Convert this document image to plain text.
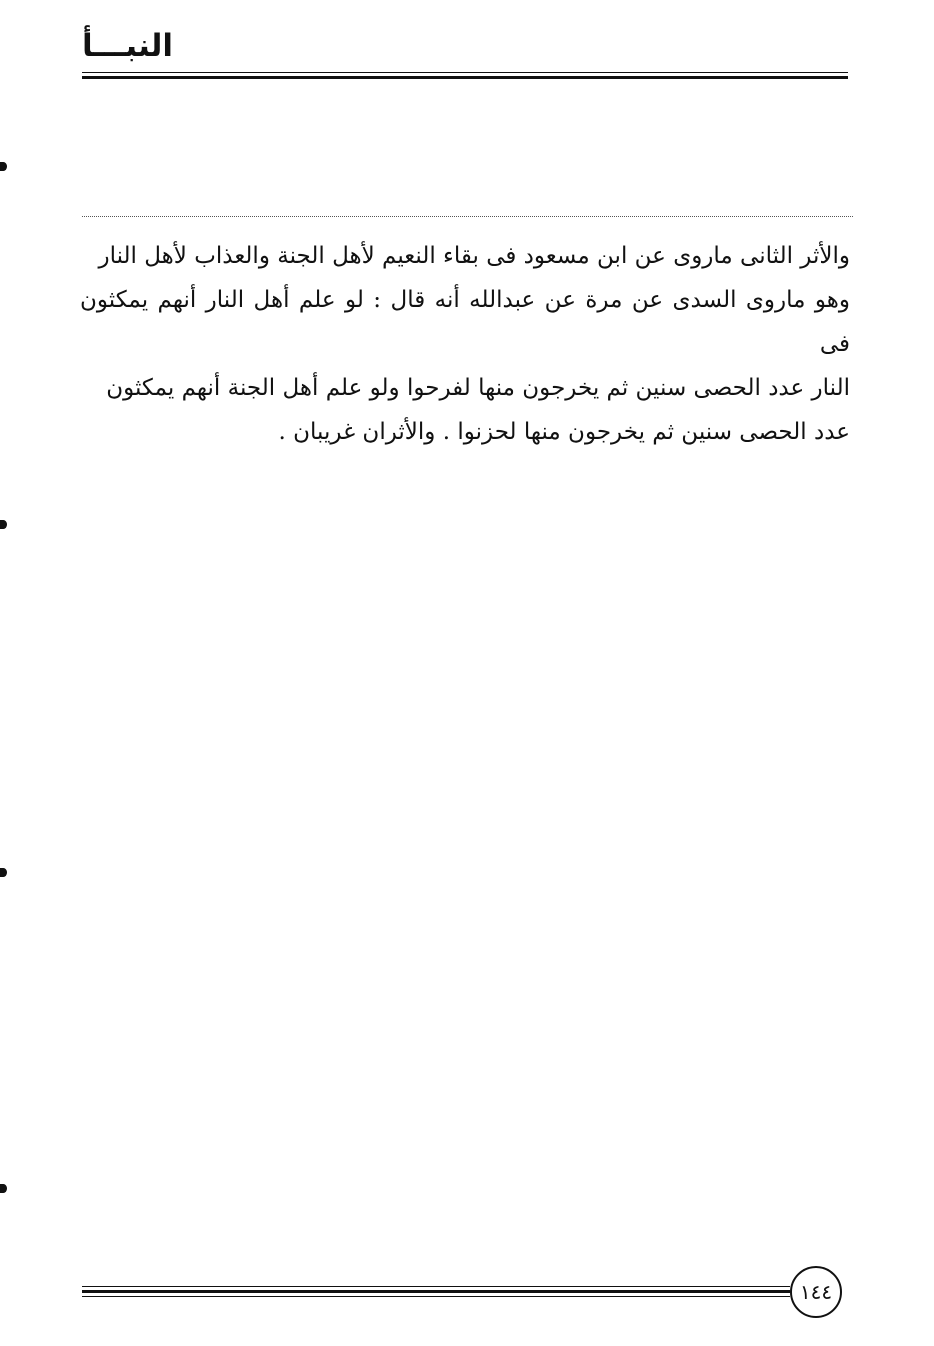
النبـــأ
والأثر الثانى ماروى عن ابن مسعود فى بقاء النعيم لأهل الجنة والعذاب لأهل النار
وهو ماروى السدى عن مرة عن عبدالله أنه قال : لو علم أهل النار أنهم يمكثون فى
النار عدد الحصى سنين ثم يخرجون منها لفرحوا ولو علم أهل الجنة أنهم يمكثون
عدد الحصى سنين ثم يخرجون منها لحزنوا . والأثران غريبان .
١٤٤
